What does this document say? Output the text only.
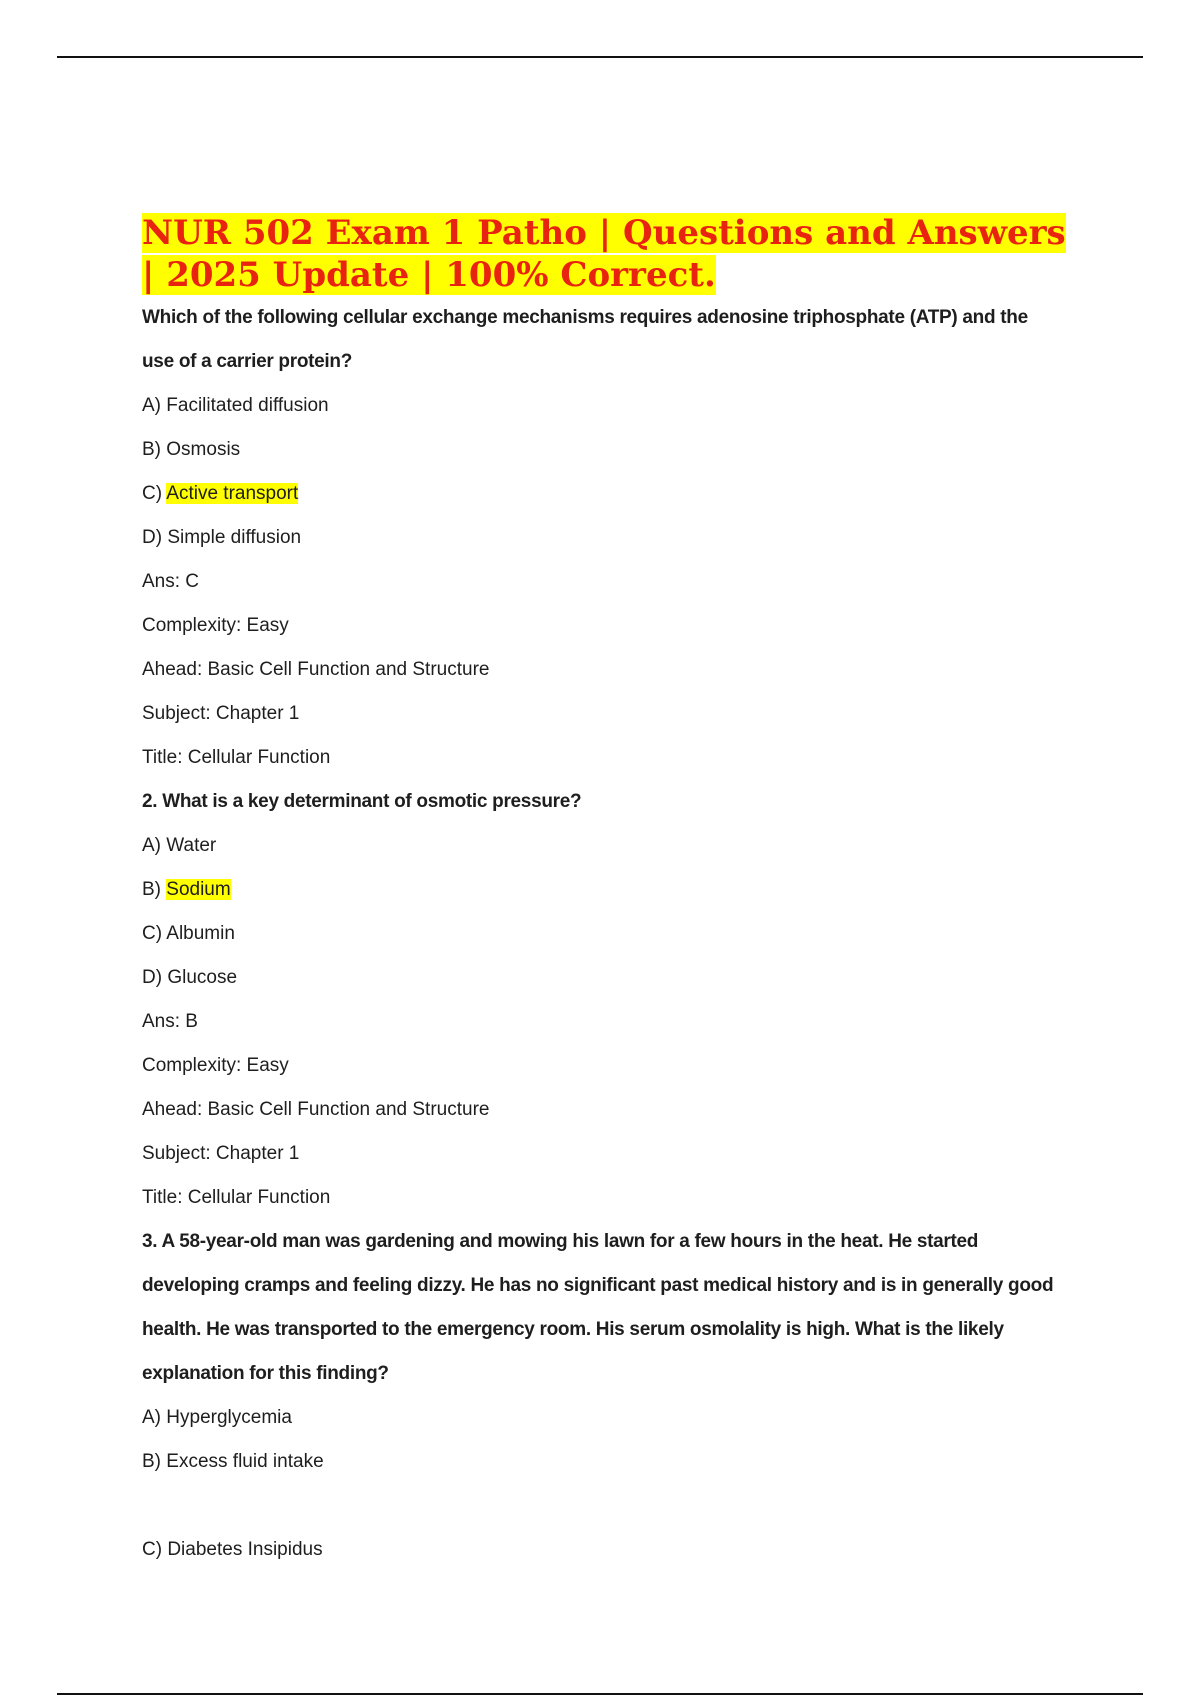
NUR 502 Exam 1 Patho | Questions and Answers | 2025 Update | 100% Correct.
Which of the following cellular exchange mechanisms requires adenosine triphosphate (ATP) and the
use of a carrier protein?
A) Facilitated diffusion
B) Osmosis
C) Active transport
D) Simple diffusion
Ans: C
Complexity: Easy
Ahead: Basic Cell Function and Structure
Subject: Chapter 1
Title: Cellular Function
2. What is a key determinant of osmotic pressure?
A) Water
B) Sodium
C) Albumin
D) Glucose
Ans: B
Complexity: Easy
Ahead: Basic Cell Function and Structure
Subject: Chapter 1
Title: Cellular Function
3. A 58-year-old man was gardening and mowing his lawn for a few hours in the heat. He started
developing cramps and feeling dizzy. He has no significant past medical history and is in generally good
health. He was transported to the emergency room. His serum osmolality is high. What is the likely
explanation for this finding?
A) Hyperglycemia
B) Excess fluid intake
C) Diabetes Insipidus
